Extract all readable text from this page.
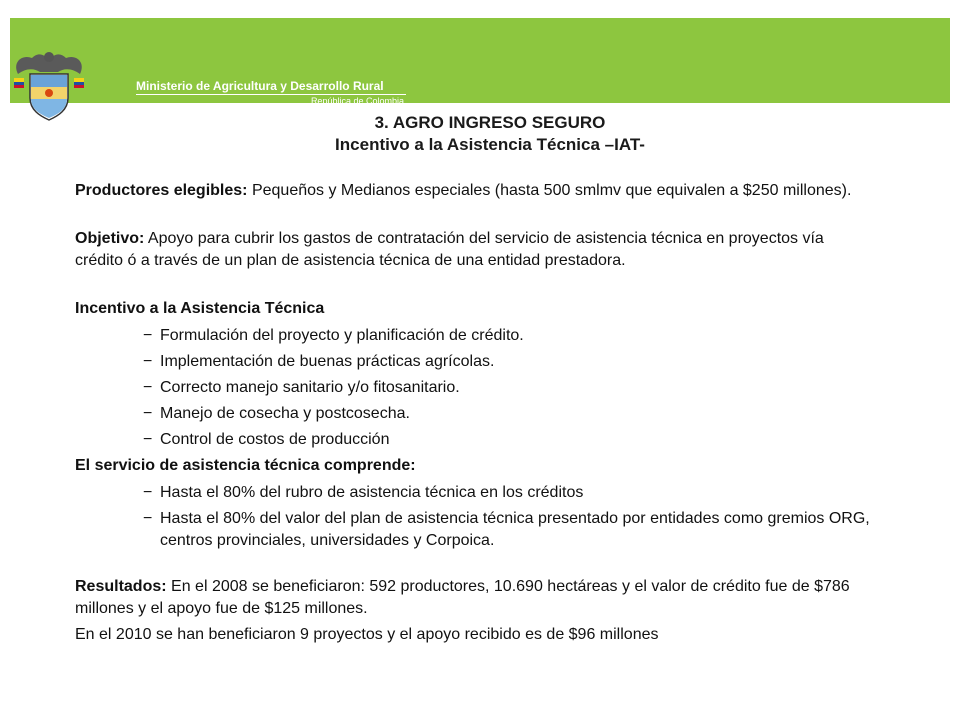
Libertad y Orden
Ministerio de Agricultura y Desarrollo Rural
República de Colombia
3. AGRO INGRESO SEGURO
Incentivo a la Asistencia Técnica –IAT-

Productores elegibles: Pequeños y Medianos especiales (hasta 500 smlmv que equivalen a $250 millones).

Objetivo: Apoyo para cubrir los gastos de contratación del servicio de asistencia técnica en proyectos vía crédito ó a través de un plan de asistencia técnica de una entidad prestadora.

Incentivo a la Asistencia Técnica

− Formulación del proyecto y planificación de crédito.
− Implementación de buenas prácticas agrícolas.
− Correcto manejo sanitario y/o fitosanitario.
− Manejo de cosecha y postcosecha.
− Control de costos de producción

El servicio de asistencia técnica comprende:

− Hasta el 80% del rubro de asistencia técnica en los créditos
− Hasta el 80% del valor del plan de asistencia técnica presentado por entidades como gremios ORG, centros provinciales, universidades y Corpoica.

Resultados: En el 2008 se beneficiaron: 592 productores, 10.690 hectáreas y el valor de crédito fue de $786 millones y el apoyo fue de $125 millones.

En el 2010 se han beneficiaron 9 proyectos y el apoyo recibido es de $96 millones
